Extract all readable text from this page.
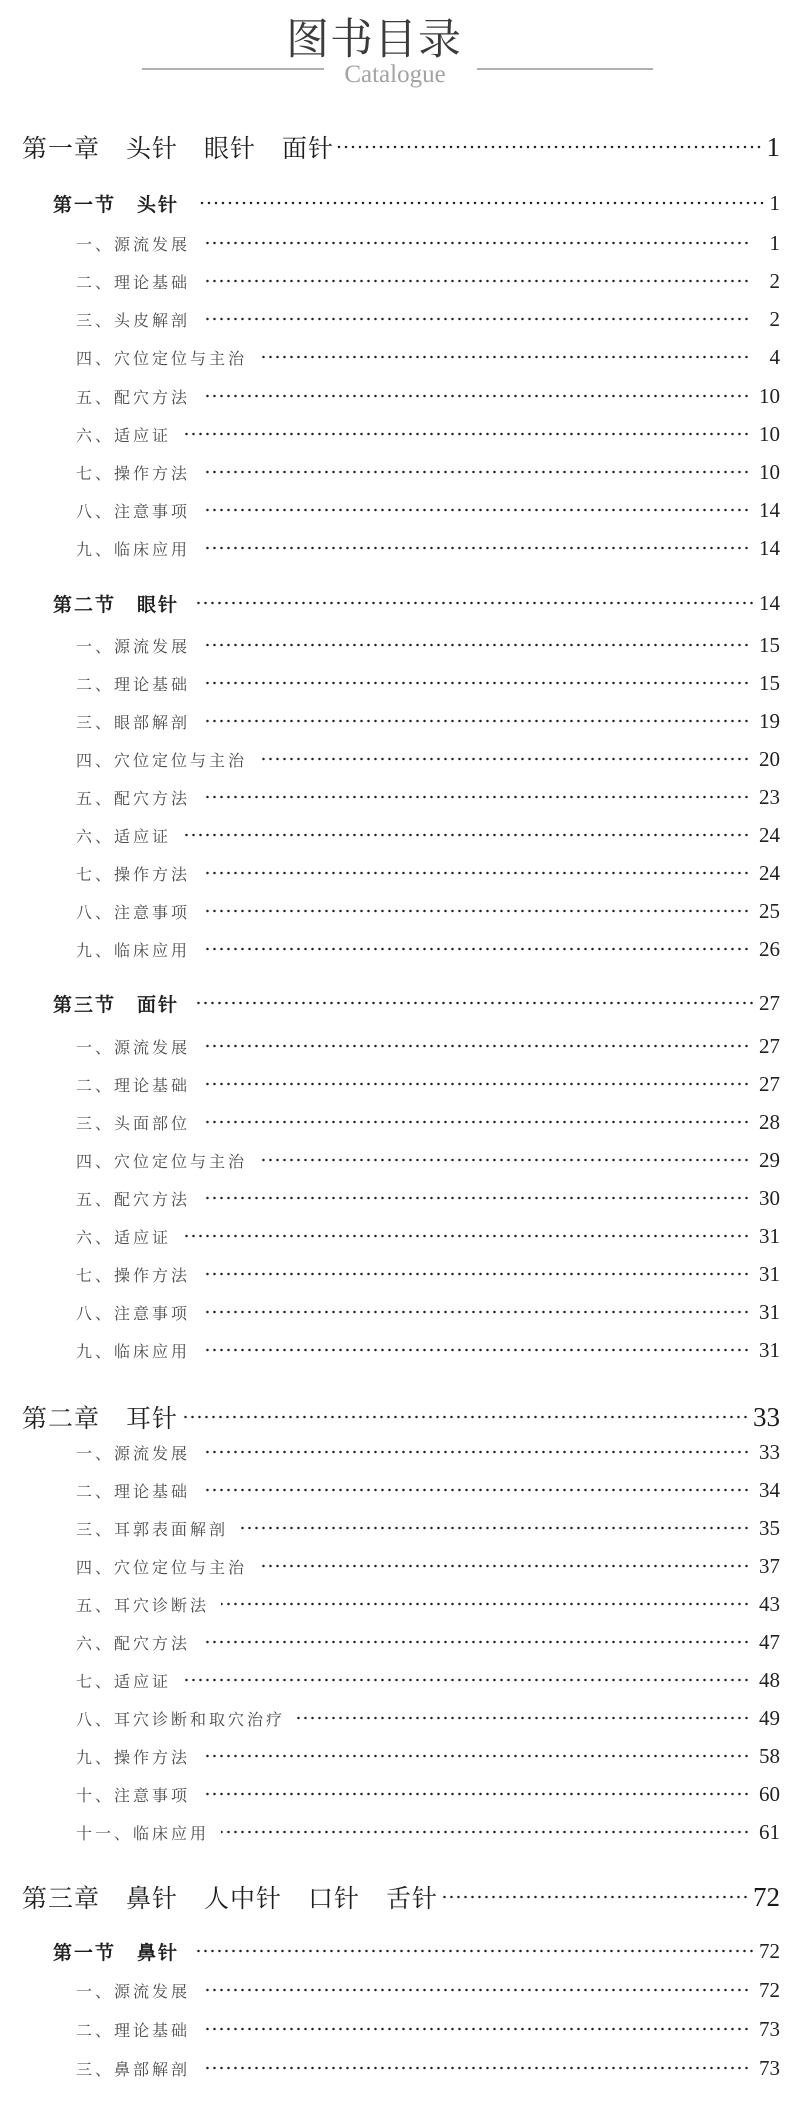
图书目录
Catalogue
第一章　头针　眼针　面针	1
第一节　头针	1
一、源流发展	1
二、理论基础	2
三、头皮解剖	2
四、穴位定位与主治	4
五、配穴方法	10
六、适应证	10
七、操作方法	10
八、注意事项	14
九、临床应用	14
第二节　眼针	14
一、源流发展	15
二、理论基础	15
三、眼部解剖	19
四、穴位定位与主治	20
五、配穴方法	23
六、适应证	24
七、操作方法	24
八、注意事项	25
九、临床应用	26
第三节　面针	27
一、源流发展	27
二、理论基础	27
三、头面部位	28
四、穴位定位与主治	29
五、配穴方法	30
六、适应证	31
七、操作方法	31
八、注意事项	31
九、临床应用	31
第二章　耳针	33
一、源流发展	33
二、理论基础	34
三、耳郭表面解剖	35
四、穴位定位与主治	37
五、耳穴诊断法	43
六、配穴方法	47
七、适应证	48
八、耳穴诊断和取穴治疗	49
九、操作方法	58
十、注意事项	60
十一、临床应用	61
第三章　鼻针　人中针　口针　舌针	72
第一节　鼻针	72
一、源流发展	72
二、理论基础	73
三、鼻部解剖	73
